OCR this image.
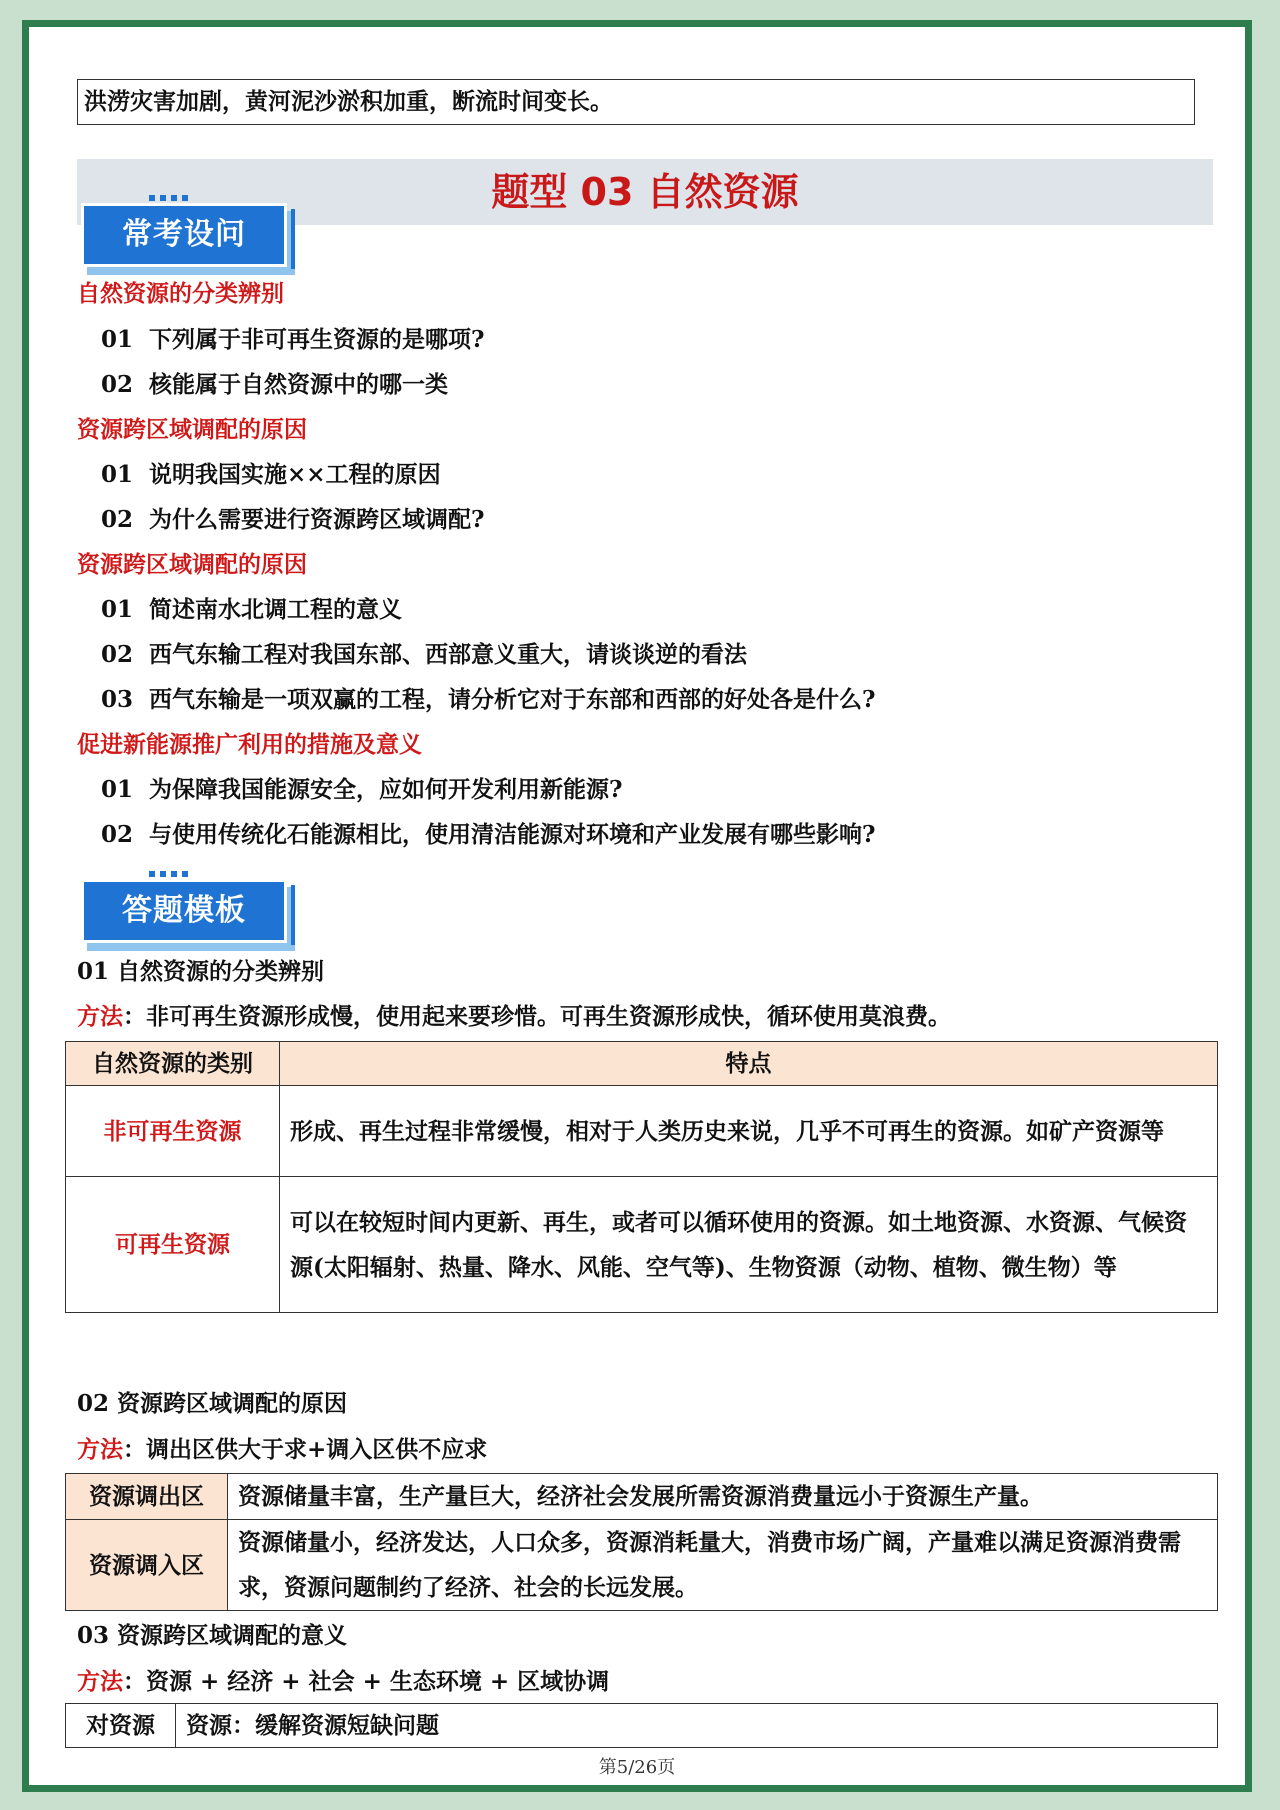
洪涝灾害加剧，黄河泥沙淤积加重，断流时间变长。
题型 03 自然资源
常考设问
自然资源的分类辨别
01 下列属于非可再生资源的是哪项?
02 核能属于自然资源中的哪一类
资源跨区域调配的原因
01 说明我国实施××工程的原因
02 为什么需要进行资源跨区域调配?
资源跨区域调配的原因
01 简述南水北调工程的意义
02 西气东输工程对我国东部、西部意义重大，请谈谈逆的看法
03 西气东输是一项双赢的工程，请分析它对于东部和西部的好处各是什么?
促进新能源推广利用的措施及意义
01 为保障我国能源安全，应如何开发利用新能源?
02 与使用传统化石能源相比，使用清洁能源对环境和产业发展有哪些影响?
答题模板
01 自然资源的分类辨别
方法：非可再生资源形成慢，使用起来要珍惜。可再生资源形成快，循环使用莫浪费。
自然资源的类别	特点
非可再生资源	形成、再生过程非常缓慢，相对于人类历史来说，几乎不可再生的资源。如矿产资源等
可再生资源	可以在较短时间内更新、再生，或者可以循环使用的资源。如土地资源、水资源、气候资源(太阳辐射、热量、降水、风能、空气等)、生物资源（动物、植物、微生物）等
02 资源跨区域调配的原因
方法：调出区供大于求+调入区供不应求
资源调出区	资源储量丰富，生产量巨大，经济社会发展所需资源消费量远小于资源生产量。
资源调入区	资源储量小，经济发达，人口众多，资源消耗量大，消费市场广阔，产量难以满足资源消费需求，资源问题制约了经济、社会的长远发展。
03 资源跨区域调配的意义
方法：资源 + 经济 + 社会 + 生态环境 + 区域协调
对资源	资源：缓解资源短缺问题
第5/26页
